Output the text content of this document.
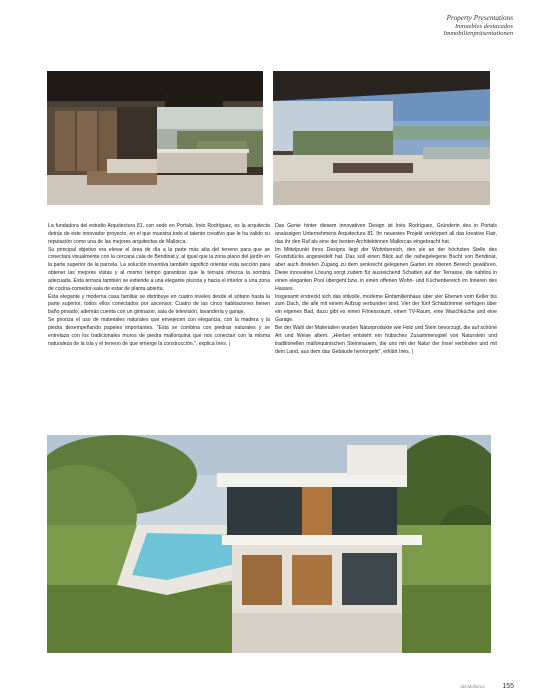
Property Presentations
Inmuebles destacados
Immobilienpräsentationen

La fundadora del estudio Arquitectura 81, con sede en Portals, Inés Rodríguez, es la arquitecta detrás de este innovador proyecto, en el que muestra todo el talento creativo que le ha valido su reputación como una de las mejores arquitectas de Mallorca.

Su principal objetivo era elevar el área de día a la parte más alta del terreno para que se conectara visualmente con la cercana cala de Bendinat y, al igual que la zona plano del jardín en la parte superior de la parcela. La solución inventiva también significó orientar esta sección para obtener las mejores vistas y al mismo tiempo garantizar que la terraza ofrezca la sombra adecuada. Esta terraza también se extiende a una elegante piscina y hacia el interior a una zona de cocina-comedor-sala de estar de planta abierta.

Esta elegante y moderna casa familiar se distribuye en cuatro niveles desde el sótano hasta la parte superior, todos ellos conectados por ascensor. Cuatro de las cinco habitaciones tienen baño privado, además cuenta con un gimnasio, sala de televisión, lavandería y garaje.

Se prioriza el uso de materiales naturales que envejecen con elegancia, con la madera y la piedra desempeñando papeles importantes. "Esta se combina con piedras naturales y se entrelaza con los tradicionales muros de piedra mallorquina que nos conectan con la misma naturaleza de la isla y el terreno de que emerge la construcción.", explica Inés. |

Das Genie hinter diesem innovativen Design ist Inés Rodríguez, Gründerin des in Portals ansässigen Unternehmens Arquitectura 81. Ihr neuestes Projekt verkörpert all das kreative Flair, das ihr den Ruf als eine der besten Architektinnen Mallorcas eingebracht hat.

Im Mittelpunkt ihres Designs liegt der Wohnbereich, den sie an der höchsten Stelle des Grundstücks angesiedelt hat. Das soll einen Blick auf die nahegelegene Bucht von Bendinat, aber auch direkten Zugang zu dem senkrecht gelegenen Garten im oberen Bereich gewähren. Diese innovative Lösung sorgt zudem für ausreichend Schatten auf der Terrasse, die nahtlos in einen eleganten Pool übergeht bzw. in einen offenen Wohn- und Küchenbereich im Inneren des Hauses.

Insgesamt erstreckt sich das stilvolle, moderne Einfamilienhaus über vier Ebenen vom Keller bis zum Dach, die alle mit einem Aufzug verbunden sind. Vier der fünf Schlafzimmer verfügen über ein eigenes Bad, dazu gibt es einen Fitnessraum, einen TV-Raum, eine Waschküche und eine Garage.

Bei der Wahl der Materialien wurden Naturprodukte wie Holz und Stein bevorzugt, die auf schöne Art und Weise altern. „Hierbei entsteht ein hübsches Zusammenspiel von Naturstein und traditionellen mallorquinischen Steinmauern, die uns mit der Natur der Insel verbinden und mit dem Land, aus dem das Gebäude hervorgeht“, erklärt Inés. |

abcMallorca	155
